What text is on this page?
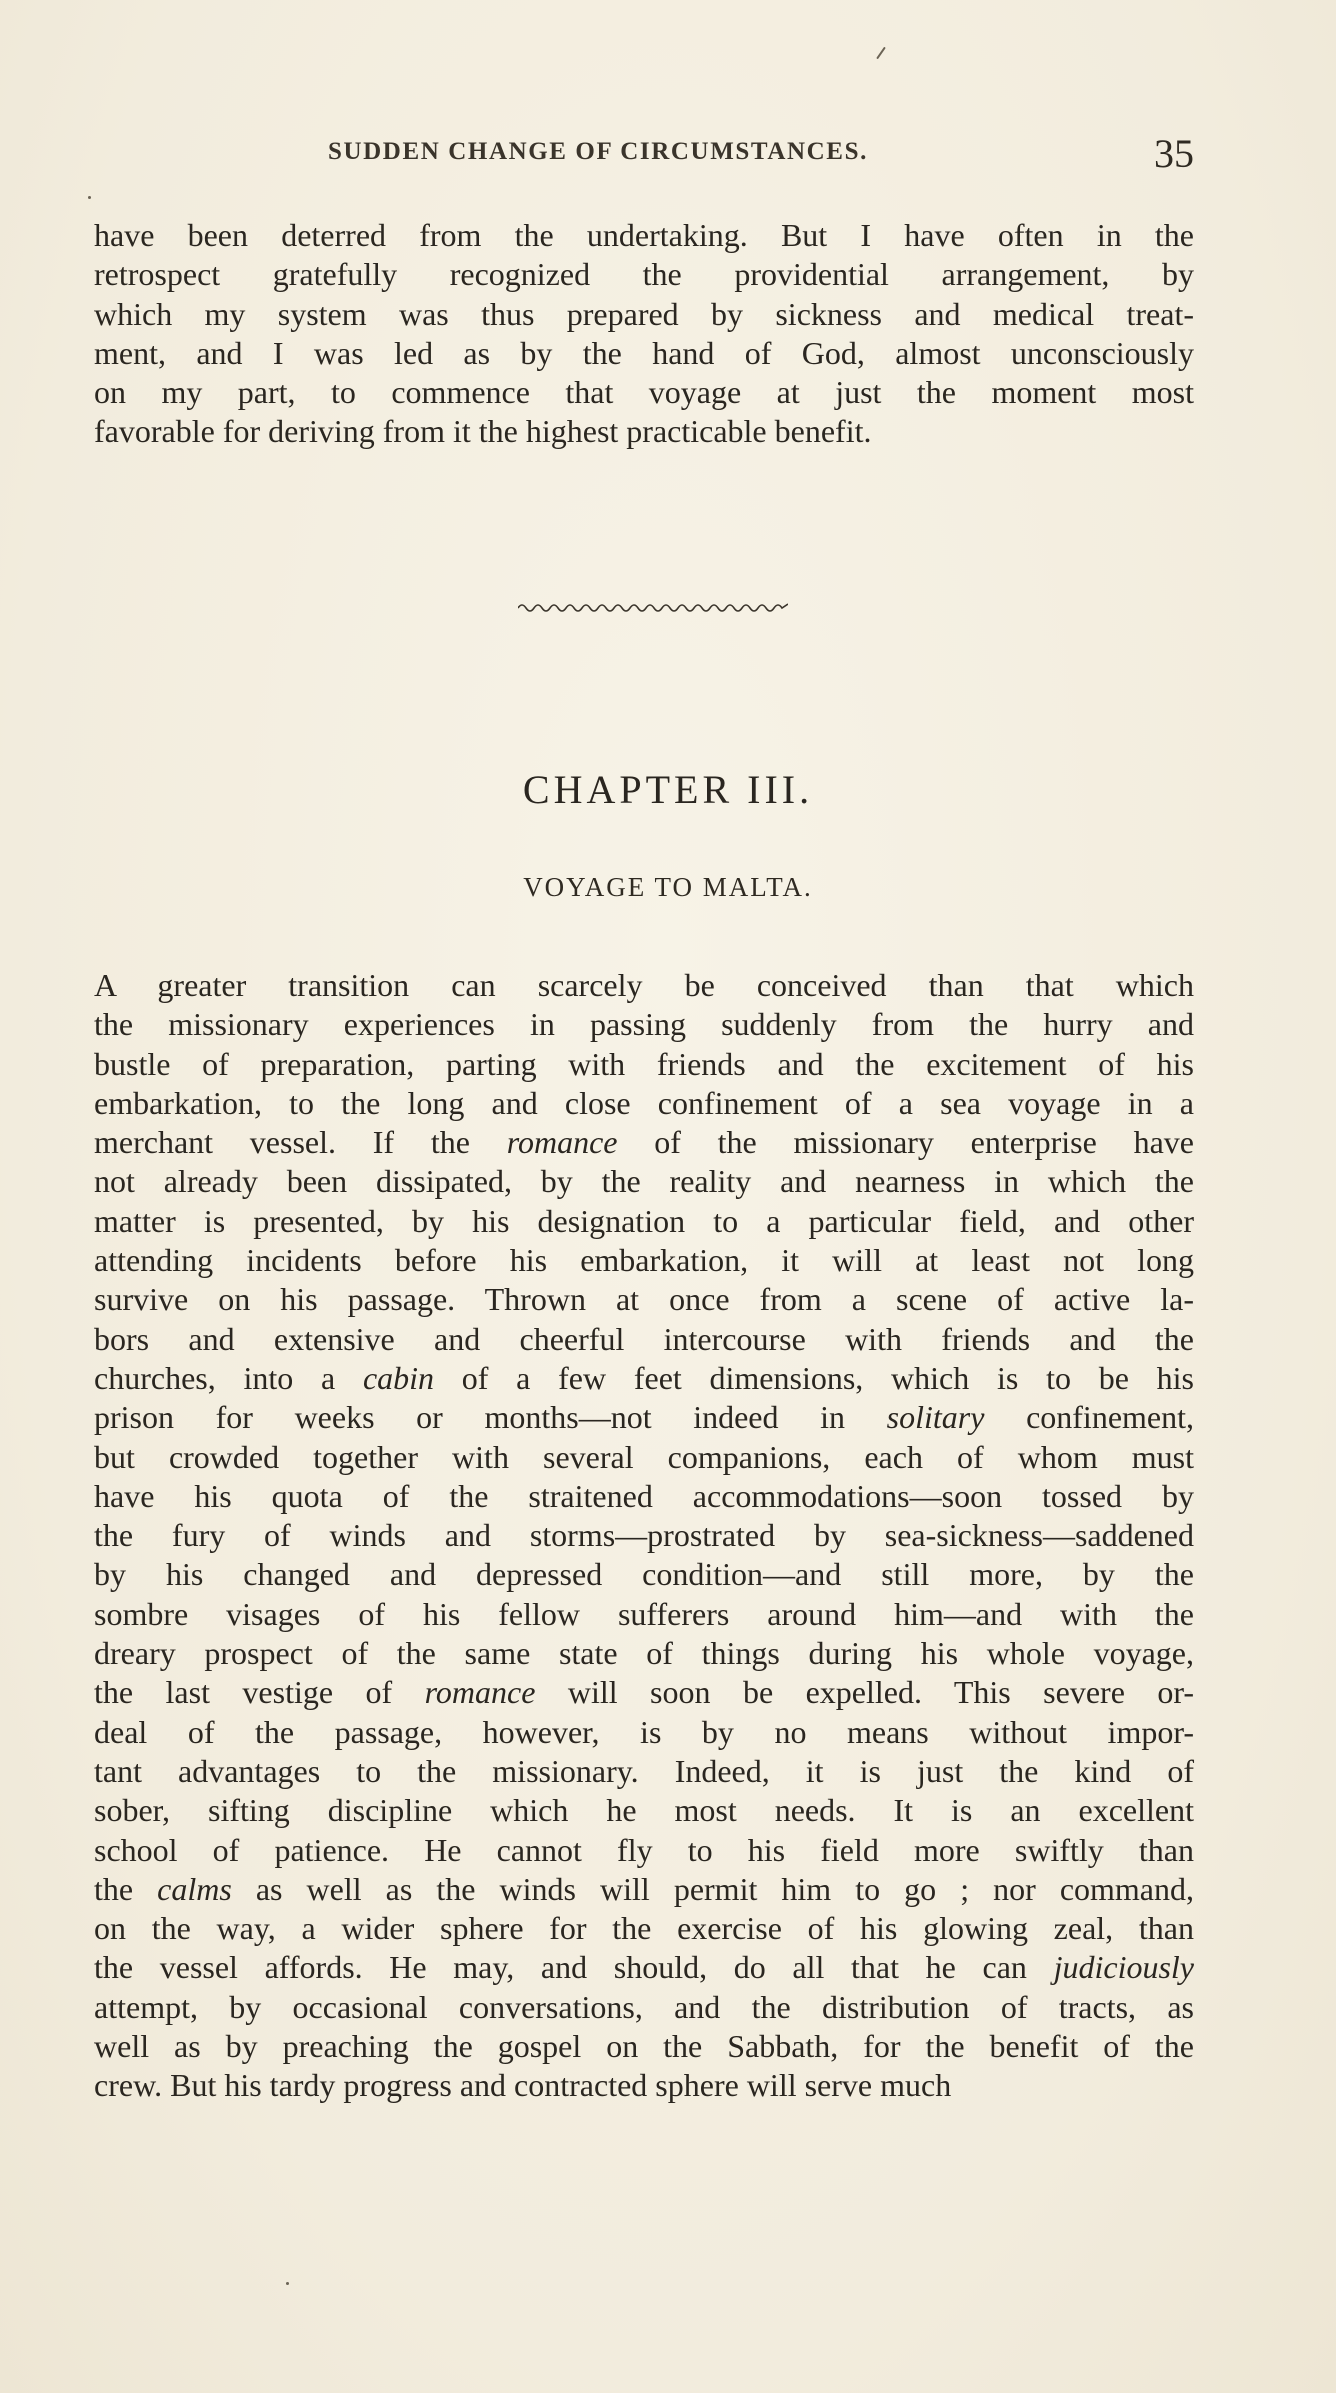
SUDDEN CHANGE OF CIRCUMSTANCES.	35

have been deterred from the undertaking. But I have often in the
retrospect gratefully recognized the providential arrangement, by
which my system was thus prepared by sickness and medical treat-
ment, and I was led as by the hand of God, almost unconsciously
on my part, to commence that voyage at just the moment most
favorable for deriving from it the highest practicable benefit.

CHAPTER III.
VOYAGE TO MALTA.

A greater transition can scarcely be conceived than that which
the missionary experiences in passing suddenly from the hurry and
bustle of preparation, parting with friends and the excitement of his
embarkation, to the long and close confinement of a sea voyage in a
merchant vessel. If the romance of the missionary enterprise have
not already been dissipated, by the reality and nearness in which the
matter is presented, by his designation to a particular field, and other
attending incidents before his embarkation, it will at least not long
survive on his passage. Thrown at once from a scene of active la-
bors and extensive and cheerful intercourse with friends and the
churches, into a cabin of a few feet dimensions, which is to be his
prison for weeks or months—not indeed in solitary confinement,
but crowded together with several companions, each of whom must
have his quota of the straitened accommodations—soon tossed by
the fury of winds and storms—prostrated by sea-sickness—saddened
by his changed and depressed condition—and still more, by the
sombre visages of his fellow sufferers around him—and with the
dreary prospect of the same state of things during his whole voyage,
the last vestige of romance will soon be expelled. This severe or-
deal of the passage, however, is by no means without impor-
tant advantages to the missionary. Indeed, it is just the kind of
sober, sifting discipline which he most needs. It is an excellent
school of patience. He cannot fly to his field more swiftly than
the calms as well as the winds will permit him to go ; nor command,
on the way, a wider sphere for the exercise of his glowing zeal, than
the vessel affords. He may, and should, do all that he can judiciously
attempt, by occasional conversations, and the distribution of tracts, as
well as by preaching the gospel on the Sabbath, for the benefit of the
crew. But his tardy progress and contracted sphere will serve much
